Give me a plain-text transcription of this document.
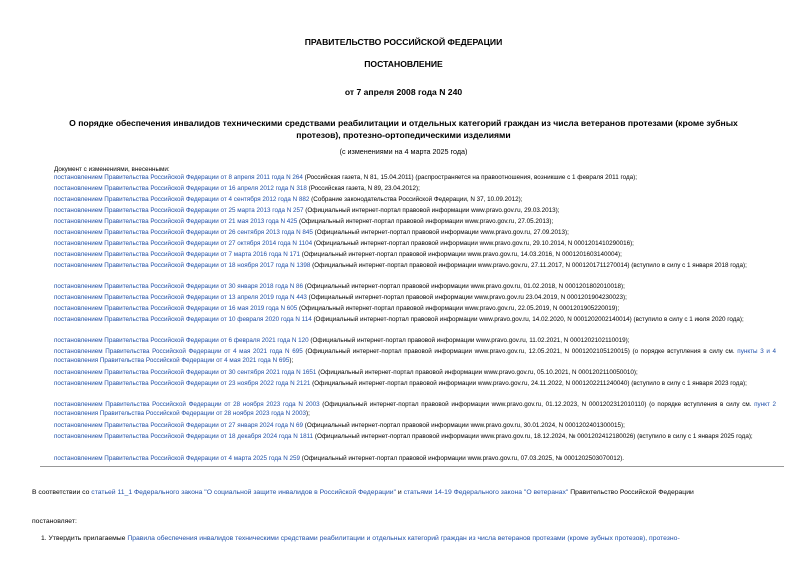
ПРАВИТЕЛЬСТВО РОССИЙСКОЙ ФЕДЕРАЦИИ
ПОСТАНОВЛЕНИЕ
от 7 апреля 2008 года N 240
О порядке обеспечения инвалидов техническими средствами реабилитации и отдельных категорий граждан из числа ветеранов протезами (кроме зубных
протезов), протезно-ортопедическими изделиями
(с изменениями на 4 марта 2025 года)
Документ с изменениями, внесенными:
постановлением Правительства Российской Федерации от 8 апреля 2011 года N 264 (Российская газета, N 81, 15.04.2011) (распространяется на правоотношения, возникшие с 1 февраля 2011 года);
постановлением Правительства Российской Федерации от 16 апреля 2012 года N 318 (Российская газета, N 89, 23.04.2012);
постановлением Правительства Российской Федерации от 4 сентября 2012 года N 882 (Собрание законодательства Российской Федерации, N 37, 10.09.2012);
постановлением Правительства Российской Федерации от 25 марта 2013 года N 257 (Официальный интернет-портал правовой информации www.pravo.gov.ru, 29.03.2013);
постановлением Правительства Российской Федерации от 21 мая 2013 года N 425 (Официальный интернет-портал правовой информации www.pravo.gov.ru, 27.05.2013);
постановлением Правительства Российской Федерации от 26 сентября 2013 года N 845 (Официальный интернет-портал правовой информации www.pravo.gov.ru, 27.09.2013);
постановлением Правительства Российской Федерации от 27 октября 2014 года N 1104 (Официальный интернет-портал правовой информации www.pravo.gov.ru, 29.10.2014, N 0001201410290016);
постановлением Правительства Российской Федерации от 7 марта 2016 года N 171 (Официальный интернет-портал правовой информации www.pravo.gov.ru, 14.03.2016, N 0001201603140004);
постановлением Правительства Российской Федерации от 18 ноября 2017 года N 1398 (Официальный интернет-портал правовой информации www.pravo.gov.ru, 27.11.2017, N 0001201711270014) (вступило в силу с 1 января 2018 года);
постановлением Правительства Российской Федерации от 30 января 2018 года N 86 (Официальный интернет-портал правовой информации www.pravo.gov.ru, 01.02.2018, N 0001201802010018);
постановлением Правительства Российской Федерации от 13 апреля 2019 года N 443 (Официальный интернет-портал правовой информации www.pravo.gov.ru 23.04.2019, N 0001201904230023);
постановлением Правительства Российской Федерации от 16 мая 2019 года N 605 (Официальный интернет-портал правовой информации www.pravo.gov.ru, 22.05.2019, N 0001201905220019);
постановлением Правительства Российской Федерации от 10 февраля 2020 года N 114 (Официальный интернет-портал правовой информации www.pravo.gov.ru, 14.02.2020, N 0001202002140014) (вступило в силу с 1 июля 2020 года);
постановлением Правительства Российской Федерации от 6 февраля 2021 года N 120 (Официальный интернет-портал правовой информации www.pravo.gov.ru, 11.02.2021, N 0001202102110019);
постановлением Правительства Российской Федерации от 4 мая 2021 года N 695 (Официальный интернет-портал правовой информации www.pravo.gov.ru, 12.05.2021, N 0001202105120015) (о порядке вступления в силу см. пункты 3 и 4 постановления Правительства Российской Федерации от 4 мая 2021 года N 695);
постановлением Правительства Российской Федерации от 30 сентября 2021 года N 1651 (Официальный интернет-портал правовой информации www.pravo.gov.ru, 05.10.2021, N 0001202110050010);
постановлением Правительства Российской Федерации от 23 ноября 2022 года N 2121 (Официальный интернет-портал правовой информации www.pravo.gov.ru, 24.11.2022, N 0001202211240040) (вступило в силу с 1 января 2023 года);
постановлением Правительства Российской Федерации от 28 ноября 2023 года N 2003 (Официальный интернет-портал правовой информации www.pravo.gov.ru, 01.12.2023, N 0001202312010110) (о порядке вступления в силу см. пункт 2 постановления Правительства Российской Федерации от 28 ноября 2023 года N 2003);
постановлением Правительства Российской Федерации от 27 января 2024 года N 69 (Официальный интернет-портал правовой информации www.pravo.gov.ru, 30.01.2024, N 0001202401300015);
постановлением Правительства Российской Федерации от 18 декабря 2024 года N 1811 (Официальный интернет-портал правовой информации www.pravo.gov.ru, 18.12.2024, № 0001202412180026) (вступило в силу с 1 января 2025 года);
постановлением Правительства Российской Федерации от 4 марта 2025 года N 259 (Официальный интернет-портал правовой информации www.pravo.gov.ru, 07.03.2025, № 0001202503070012).
В соответствии со статьей 11_1 Федерального закона "О социальной защите инвалидов в Российской Федерации" и статьями 14-19 Федерального закона "О ветеранах" Правительство Российской Федерации
постановляет:
1. Утвердить прилагаемые Правила обеспечения инвалидов техническими средствами реабилитации и отдельных категорий граждан из числа ветеранов протезами (кроме зубных протезов), протезно-
